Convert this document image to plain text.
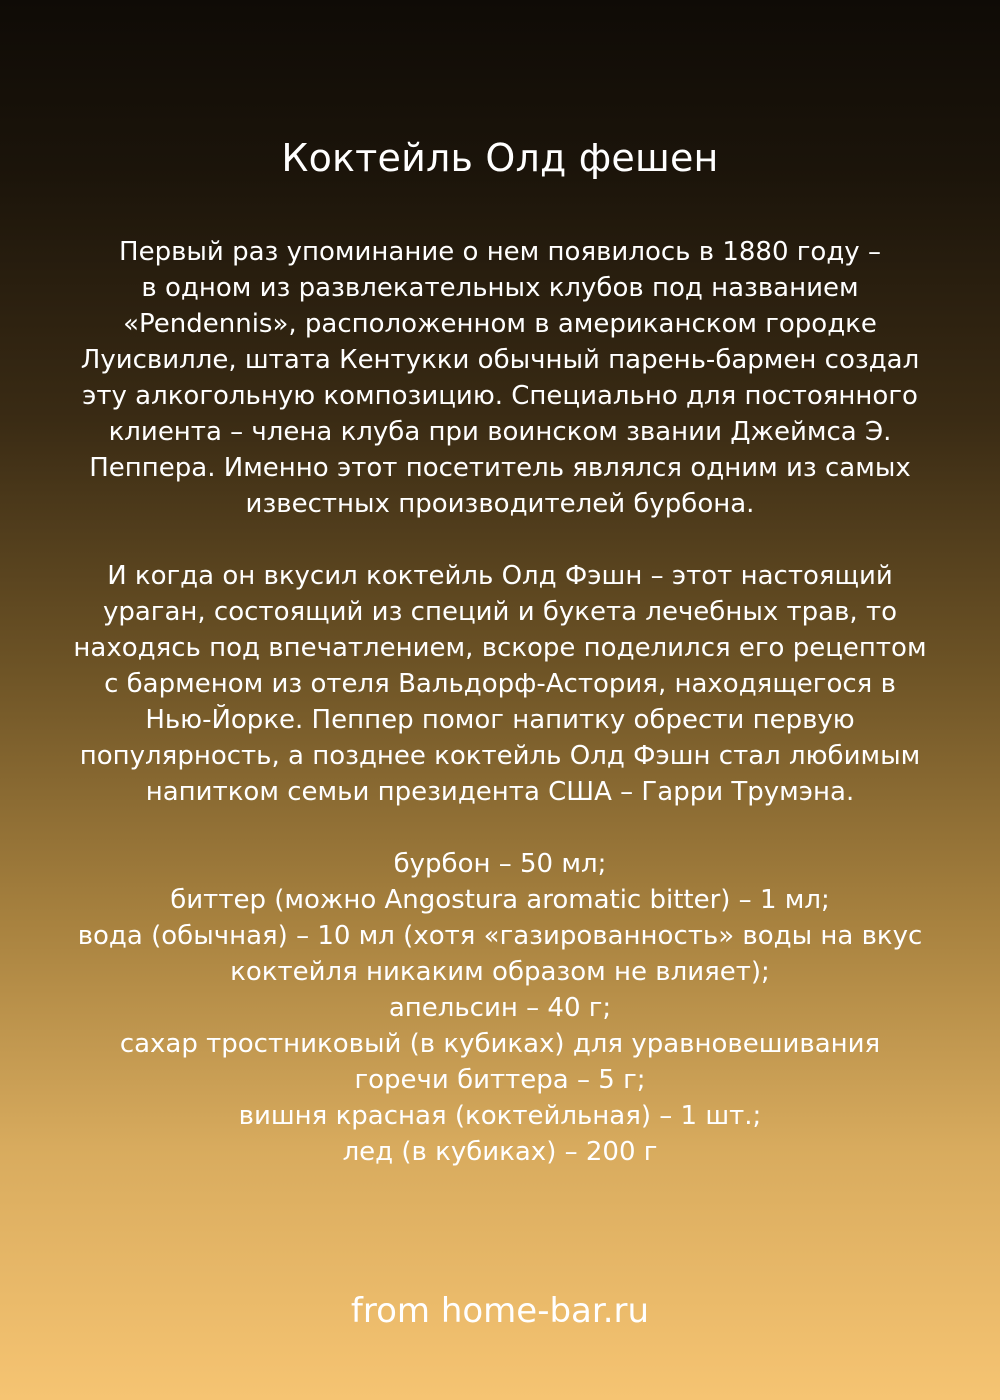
Коктейль Олд фешен

Первый раз упоминание о нем появилось в 1880 году –
в одном из развлекательных клубов под названием
«Pendennis», расположенном в американском городке
Луисвилле, штата Кентукки обычный парень-бармен создал
эту алкогольную композицию. Специально для постоянного
клиента – члена клуба при воинском звании Джеймса Э.
Пеппера. Именно этот посетитель являлся одним из самых
известных производителей бурбона.

И когда он вкусил коктейль Олд Фэшн – этот настоящий
ураган, состоящий из специй и букета лечебных трав, то
находясь под впечатлением, вскоре поделился его рецептом
с барменом из отеля Вальдорф-Астория, находящегося в
Нью-Йорке. Пеппер помог напитку обрести первую
популярность, а позднее коктейль Олд Фэшн стал любимым
напитком семьи президента США – Гарри Трумэна.

бурбон – 50 мл;
биттер (можно Angostura aromatic bitter) – 1 мл;
вода (обычная) – 10 мл (хотя «газированность» воды на вкус
коктейля никаким образом не влияет);
апельсин – 40 г;
сахар тростниковый (в кубиках) для уравновешивания
горечи биттера – 5 г;
вишня красная (коктейльная) – 1 шт.;
лед (в кубиках) – 200 г

from home-bar.ru
